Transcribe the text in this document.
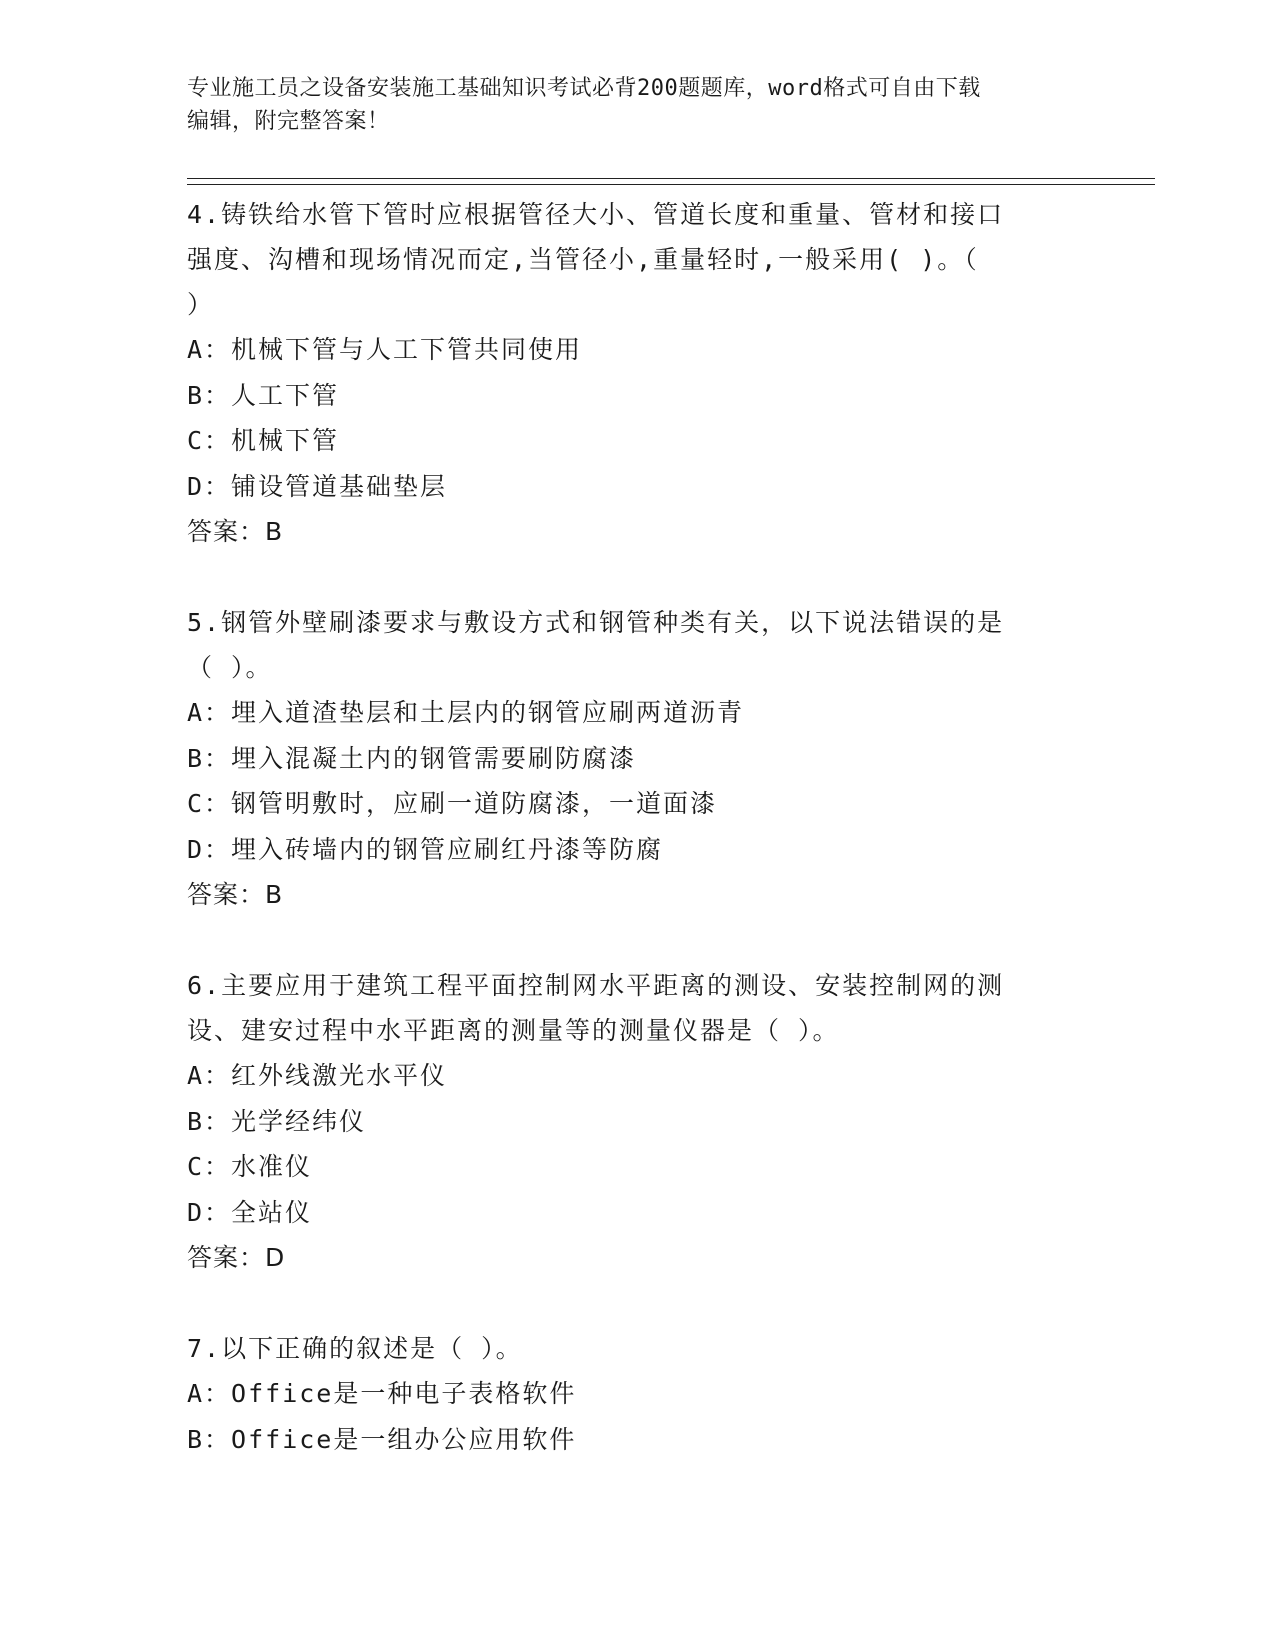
专业施工员之设备安装施工基础知识考试必背200题题库，word格式可自由下载
编辑，附完整答案！
4.铸铁给水管下管时应根据管径大小、管道长度和重量、管材和接口
强度、沟槽和现场情况而定,当管径小,重量轻时,一般采用( )。（
）
A：机械下管与人工下管共同使用
B：人工下管
C：机械下管
D：铺设管道基础垫层
答案：B
5.钢管外壁刷漆要求与敷设方式和钢管种类有关，以下说法错误的是
（ ）。
A：埋入道渣垫层和土层内的钢管应刷两道沥青
B：埋入混凝土内的钢管需要刷防腐漆
C：钢管明敷时，应刷一道防腐漆，一道面漆
D：埋入砖墙内的钢管应刷红丹漆等防腐
答案：B
6.主要应用于建筑工程平面控制网水平距离的测设、安装控制网的测
设、建安过程中水平距离的测量等的测量仪器是（ ）。
A：红外线激光水平仪
B：光学经纬仪
C：水准仪
D：全站仪
答案：D
7.以下正确的叙述是（ ）。
A：Office是一种电子表格软件
B：Office是一组办公应用软件
